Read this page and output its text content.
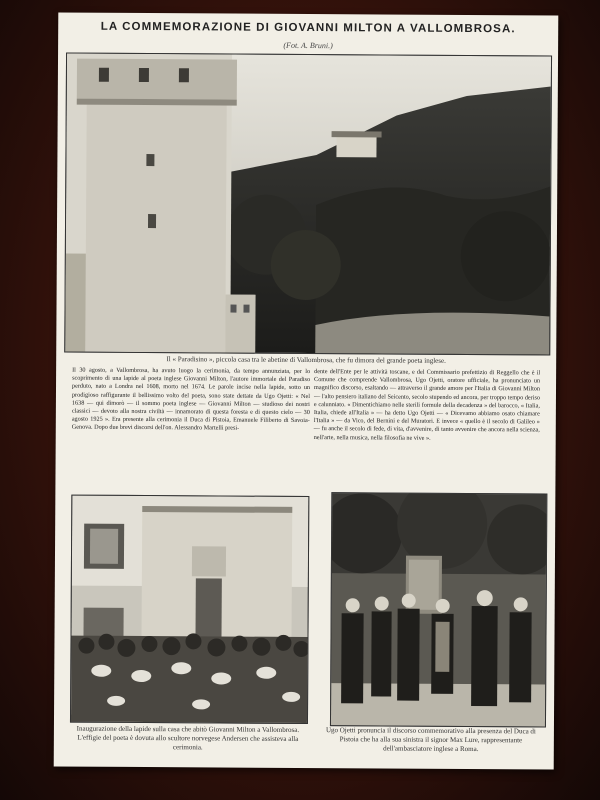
LA COMMEMORAZIONE DI GIOVANNI MILTON A VALLOMBROSA.
(Fot. A. Bruni.)
Il « Paradisino », piccola casa tra le abetine di Vallombrosa, che fu dimora del grande poeta inglese.
Il 30 agosto, a Vallombrosa, ha avuto luogo la cerimonia, da tempo annunziata, per lo scoprimento di una lapide al poeta inglese Giovanni Milton, l'autore immortale del Paradiso perduto, nato a Londra nel 1608, morto nel 1674. Le parole incise nella lapide, sotto un prodigioso raffigurante il bellissimo volto del poeta, sono state dettate da Ugo Ojetti: « Nel 1638 — qui dimorò — il sommo poeta inglese — Giovanni Milton — studioso dei nostri classici — devoto alla nostra civiltà — innamorato di questa foresta e di questo cielo — 30 agosto 1925 ». Era presente alla cerimonia il Duca di Pistoia, Emanuele Filiberto di Savoia-Genova. Dopo due brevi discorsi dell'on. Alessandro Martelli presi-
dente dell'Ente per le attività toscane, e del Commissario prefettizio di Reggello che è il Comune che comprende Vallombrosa, Ugo Ojetti, oratore ufficiale, ha pronunciato un magnifico discorso, esaltando — attraverso il grande amore per l'Italia di Giovanni Milton — l'alto pensiero italiano del Seicento, secolo stupendo ed ancora, per troppo tempo deriso e calunniato. « Dimentichiamo nelle sterili formule della decadenza » del barocco, « Italia, Italia, chiede all'Italia » — ha detto Ugo Ojetti — « Dicevamo abbiamo osato chiamare l'Italia » — da Vico, del Bernini e del Muratori. E invece « quello è il secolo di Galileo » — fu anche il secolo di fede, di vita, d'avvenire, di tanto avvenire che ancora nella scienza, nell'arte, nella musica, nella filosofia ne vive ».
Inaugurazione della lapide sulla casa che abitò Giovanni Milton a Vallombrosa. L'effigie del poeta è dovuta allo scultore norvegese Andersen che assisteva alla cerimonia.
Ugo Ojetti pronuncia il discorso commemorativo alla presenza del Duca di Pistoia che ha alla sua sinistra il signor Max Lure, rappresentante dell'ambasciatore inglese a Roma.
